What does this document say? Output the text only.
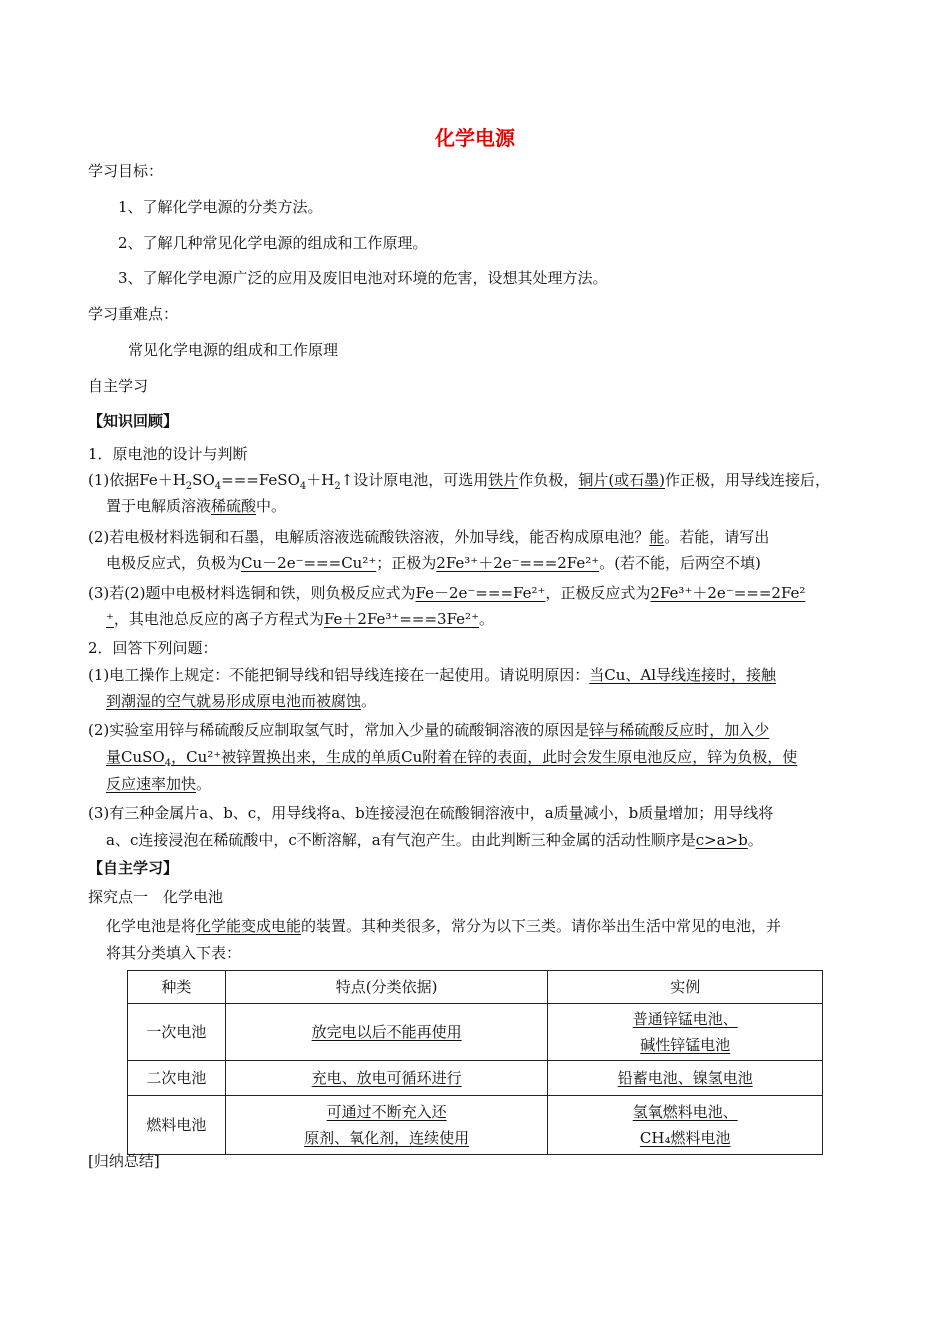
化学电源
学习目标：
1、了解化学电源的分类方法。
2、了解几种常见化学电源的组成和工作原理。
3、了解化学电源广泛的应用及废旧电池对环境的危害，设想其处理方法。
学习重难点：
常见化学电源的组成和工作原理
自主学习
【知识回顾】
1．原电池的设计与判断
(1)依据$Fe+H_2SO_4===FeSO_4+H_2↑$设计原电池，可选用铁片作负极，铜片(或石墨)作正极，用导线连接后，
置于电解质溶液稀硫酸中。
(2)若电极材料选铜和石墨，电解质溶液选硫酸铁溶液，外加导线，能否构成原电池？能。若能，请写出
电极反应式，负极为Cu－2e⁻===Cu²⁺；正极为2Fe³⁺＋2e⁻===2Fe²⁺。(若不能，后两空不填)
(3)若(2)题中电极材料选铜和铁，则负极反应式为Fe－2e⁻===Fe²⁺，正极反应式为2Fe³⁺＋2e⁻===2Fe²
⁺，其电池总反应的离子方程式为Fe＋2Fe³⁺===3Fe²⁺。
2．回答下列问题：
(1)电工操作上规定：不能把铜导线和铝导线连接在一起使用。请说明原因：当Cu、Al导线连接时，接触
到潮湿的空气就易形成原电池而被腐蚀。
(2)实验室用锌与稀硫酸反应制取氢气时，常加入少量的硫酸铜溶液的原因是锌与稀硫酸反应时，加入少
量CuSO$_4$，Cu²⁺被锌置换出来，生成的单质Cu附着在锌的表面，此时会发生原电池反应，锌为负极，使
反应速率加快。
(3)有三种金属片a、b、c，用导线将a、b连接浸泡在硫酸铜溶液中，a质量减小，b质量增加；用导线将
a、c连接浸泡在稀硫酸中，c不断溶解，a有气泡产生。由此判断三种金属的活动性顺序是c>a>b。
【自主学习】
探究点一　化学电池
化学电池是将化学能变成电能的装置。其种类很多，常分为以下三类。请你举出生活中常见的电池，并
将其分类填入下表：
种类	特点(分类依据)	实例
一次电池	放完电以后不能再使用	普通锌锰电池、
碱性锌锰电池
二次电池	充电、放电可循环进行	铅蓄电池、镍氢电池
燃料电池	可通过不断充入还
原剂、氧化剂，连续使用	氢氧燃料电池、
CH₄燃料电池
[归纳总结]
